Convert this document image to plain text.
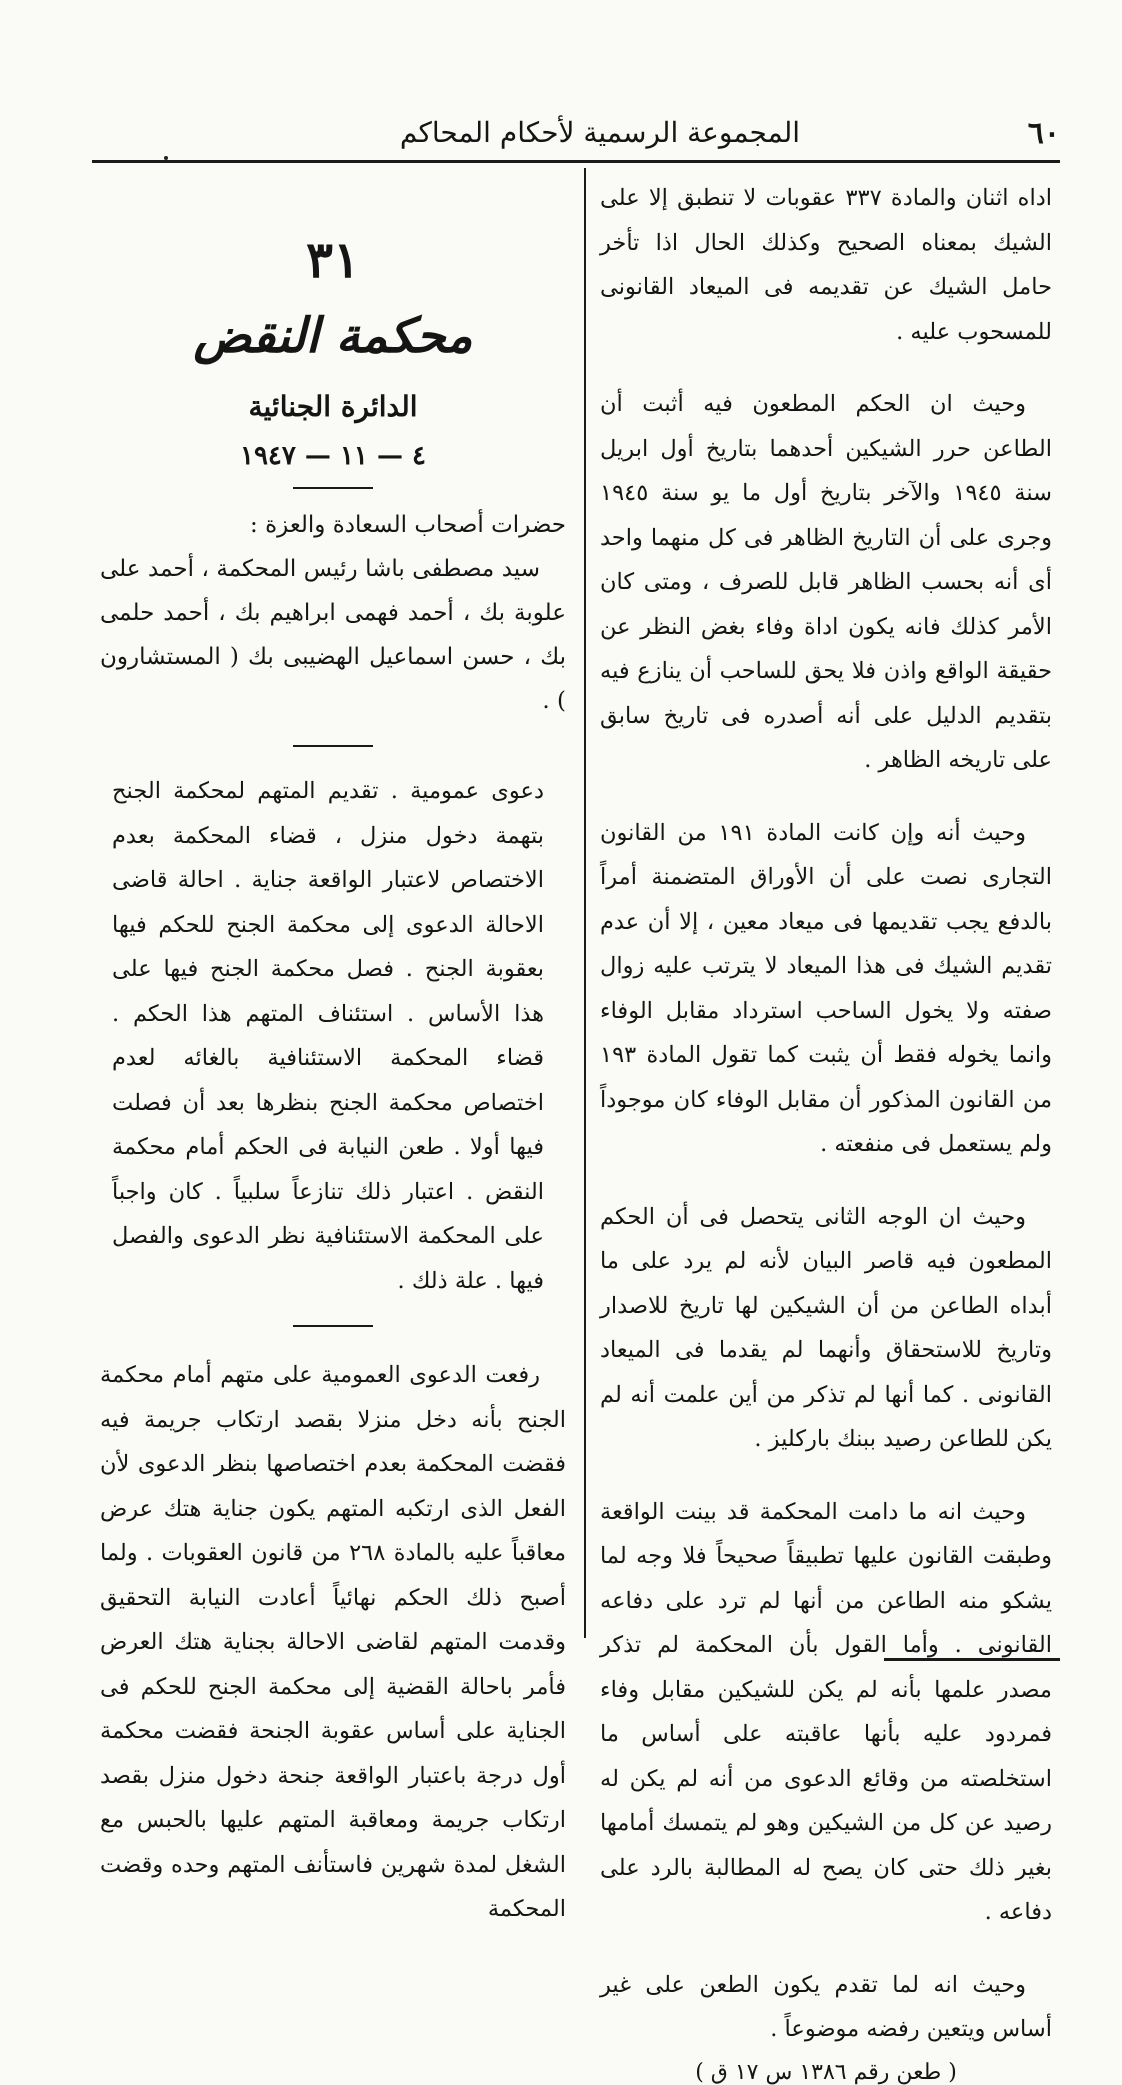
٦٠
المجموعة الرسمية لأحكام المحاكم

اداه اثنان والمادة ٣٣٧ عقوبات لا تنطبق إلا على الشيك بمعناه الصحيح وكذلك الحال اذا تأخر حامل الشيك عن تقديمه فى الميعاد القانونى للمسحوب عليه .

وحيث ان الحكم المطعون فيه أثبت أن الطاعن حرر الشيكين أحدهما بتاريخ أول ابريل سنة ١٩٤٥ والآخر بتاريخ أول ما يو سنة ١٩٤٥ وجرى على أن التاريخ الظاهر فى كل منهما واحد أى أنه بحسب الظاهر قابل للصرف ، ومتى كان الأمر كذلك فانه يكون اداة وفاء بغض النظر عن حقيقة الواقع واذن فلا يحق للساحب أن ينازع فيه بتقديم الدليل على أنه أصدره فى تاريخ سابق على تاريخه الظاهر .

وحيث أنه وإن كانت المادة ١٩١ من القانون التجارى نصت على أن الأوراق المتضمنة أمراً بالدفع يجب تقديمها فى ميعاد معين ، إلا أن عدم تقديم الشيك فى هذا الميعاد لا يترتب عليه زوال صفته ولا يخول الساحب استرداد مقابل الوفاء وانما يخوله فقط أن يثبت كما تقول المادة ١٩٣ من القانون المذكور أن مقابل الوفاء كان موجوداً ولم يستعمل فى منفعته .

وحيث ان الوجه الثانى يتحصل فى أن الحكم المطعون فيه قاصر البيان لأنه لم يرد على ما أبداه الطاعن من أن الشيكين لها تاريخ للاصدار وتاريخ للاستحقاق وأنهما لم يقدما فى الميعاد القانونى . كما أنها لم تذكر من أين علمت أنه لم يكن للطاعن رصيد ببنك باركليز .

وحيث انه ما دامت المحكمة قد بينت الواقعة وطبقت القانون عليها تطبيقاً صحيحاً فلا وجه لما يشكو منه الطاعن من أنها لم ترد على دفاعه القانونى . وأما القول بأن المحكمة لم تذكر مصدر علمها بأنه لم يكن للشيكين مقابل وفاء فمردود عليه بأنها عاقبته على أساس ما استخلصته من وقائع الدعوى من أنه لم يكن له رصيد عن كل من الشيكين وهو لم يتمسك أمامها بغير ذلك حتى كان يصح له المطالبة بالرد على دفاعه .

وحيث انه لما تقدم يكون الطعن على غير أساس ويتعين رفضه موضوعاً .

( طعن رقم ١٣٨٦ س ١٧ ق )
٣١
محكمة النقض
الدائرة الجنائية
٤ — ١١ — ١٩٤٧
حضرات أصحاب السعادة والعزة :

سيد مصطفى باشا رئيس المحكمة ، أحمد على علوبة بك ، أحمد فهمى ابراهيم بك ، أحمد حلمى بك ، حسن اسماعيل الهضيبى بك ( المستشارون ) .

دعوى عمومية . تقديم المتهم لمحكمة الجنح بتهمة دخول منزل ، قضاء المحكمة بعدم الاختصاص لاعتبار الواقعة جناية . احالة قاضى الاحالة الدعوى إلى محكمة الجنح للحكم فيها بعقوبة الجنح . فصل محكمة الجنح فيها على هذا الأساس . استئناف المتهم هذا الحكم . قضاء المحكمة الاستئنافية بالغائه لعدم اختصاص محكمة الجنح بنظرها بعد أن فصلت فيها أولا . طعن النيابة فى الحكم أمام محكمة النقض . اعتبار ذلك تنازعاً سلبياً . كان واجباً على المحكمة الاستئنافية نظر الدعوى والفصل فيها . علة ذلك .

رفعت الدعوى العمومية على متهم أمام محكمة الجنح بأنه دخل منزلا بقصد ارتكاب جريمة فيه فقضت المحكمة بعدم اختصاصها بنظر الدعوى لأن الفعل الذى ارتكبه المتهم يكون جناية هتك عرض معاقباً عليه بالمادة ٢٦٨ من قانون العقوبات . ولما أصبح ذلك الحكم نهائياً أعادت النيابة التحقيق وقدمت المتهم لقاضى الاحالة بجناية هتك العرض فأمر باحالة القضية إلى محكمة الجنح للحكم فى الجناية على أساس عقوبة الجنحة فقضت محكمة أول درجة باعتبار الواقعة جنحة دخول منزل بقصد ارتكاب جريمة ومعاقبة المتهم عليها بالحبس مع الشغل لمدة شهرين فاستأنف المتهم وحده وقضت المحكمة
